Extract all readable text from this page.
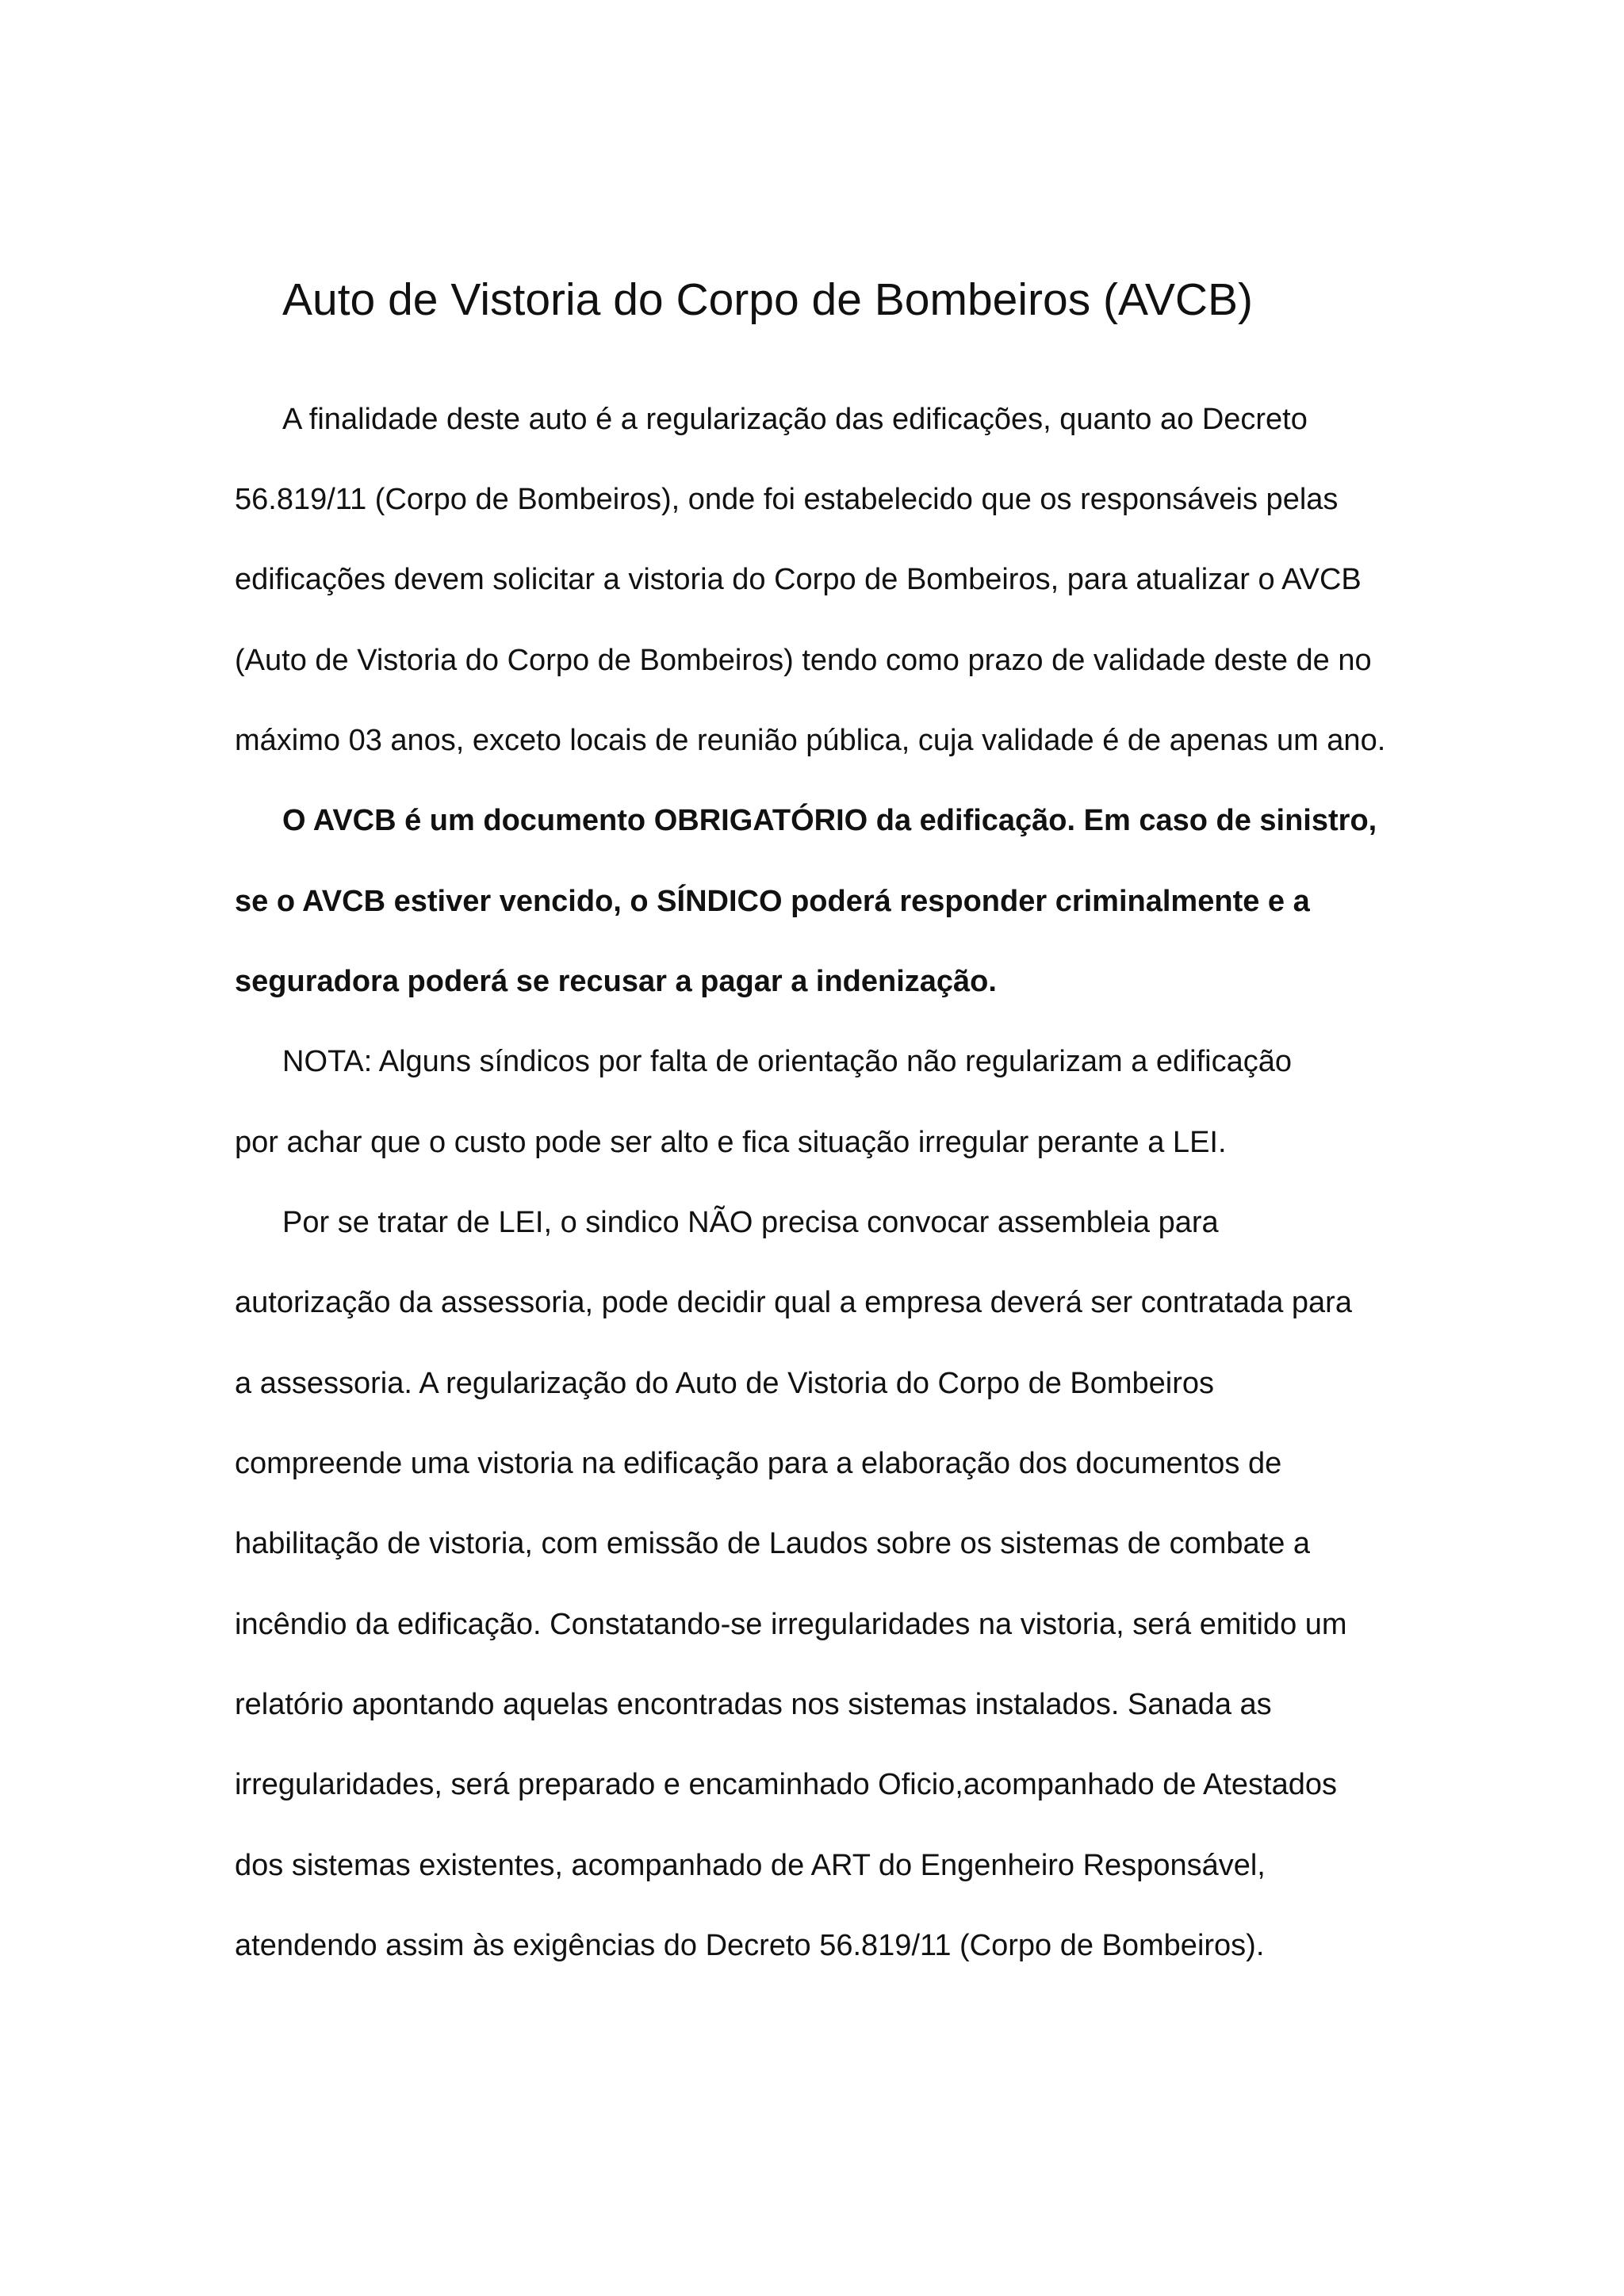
Auto de Vistoria do Corpo de Bombeiros (AVCB)
A finalidade deste auto é a regularização das edificações, quanto ao Decreto
56.819/11 (Corpo de Bombeiros), onde foi estabelecido que os responsáveis pelas
edificações devem solicitar a vistoria do Corpo de Bombeiros, para atualizar o AVCB
(Auto de Vistoria do Corpo de Bombeiros) tendo como prazo de validade deste de no
máximo 03 anos, exceto locais de reunião pública, cuja validade é de apenas um ano.
O AVCB é um documento OBRIGATÓRIO da edificação. Em caso de sinistro,
se o AVCB estiver vencido, o SÍNDICO poderá responder criminalmente e a
seguradora poderá se recusar a pagar a indenização.
NOTA: Alguns síndicos por falta de orientação não regularizam a edificação
por achar que o custo pode ser alto e fica situação irregular perante a LEI.
Por se tratar de LEI, o sindico NÃO precisa convocar assembleia para
autorização da assessoria, pode decidir qual a empresa deverá ser contratada para
a assessoria. A regularização do Auto de Vistoria do Corpo de Bombeiros
compreende uma vistoria na edificação para a elaboração dos documentos de
habilitação de vistoria, com emissão de Laudos sobre os sistemas de combate a
incêndio da edificação. Constatando-se irregularidades na vistoria, será emitido um
relatório apontando aquelas encontradas nos sistemas instalados. Sanada as
irregularidades, será preparado e encaminhado Oficio,acompanhado de Atestados
dos sistemas existentes, acompanhado de ART do Engenheiro Responsável,
atendendo assim às exigências do Decreto 56.819/11 (Corpo de Bombeiros).
